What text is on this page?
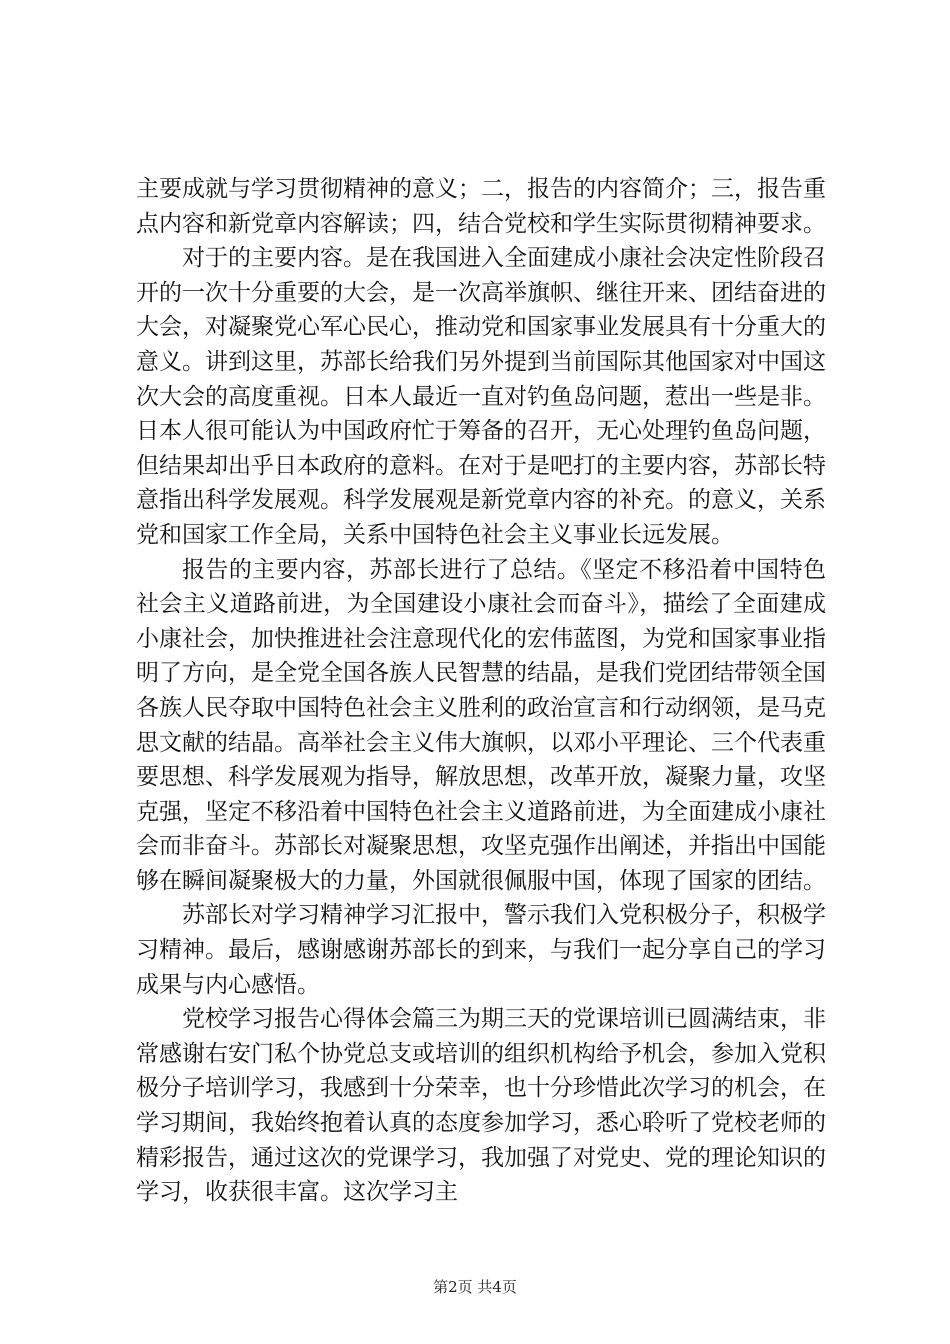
主要成就与学习贯彻精神的意义；二，报告的内容简介；三，报告重点内容和新党章内容解读；四，结合党校和学生实际贯彻精神要求。

对于的主要内容。是在我国进入全面建成小康社会决定性阶段召开的一次十分重要的大会，是一次高举旗帜、继往开来、团结奋进的大会，对凝聚党心军心民心，推动党和国家事业发展具有十分重大的意义。讲到这里，苏部长给我们另外提到当前国际其他国家对中国这次大会的高度重视。日本人最近一直对钓鱼岛问题，惹出一些是非。日本人很可能认为中国政府忙于筹备的召开，无心处理钓鱼岛问题，但结果却出乎日本政府的意料。在对于是吧打的主要内容，苏部长特意指出科学发展观。科学发展观是新党章内容的补充。的意义，关系党和国家工作全局，关系中国特色社会主义事业长远发展。

报告的主要内容，苏部长进行了总结。《坚定不移沿着中国特色社会主义道路前进，为全国建设小康社会而奋斗》，描绘了全面建成小康社会，加快推进社会注意现代化的宏伟蓝图，为党和国家事业指明了方向，是全党全国各族人民智慧的结晶，是我们党团结带领全国各族人民夺取中国特色社会主义胜利的政治宣言和行动纲领，是马克思文献的结晶。高举社会主义伟大旗帜，以邓小平理论、三个代表重要思想、科学发展观为指导，解放思想，改革开放，凝聚力量，攻坚克强，坚定不移沿着中国特色社会主义道路前进，为全面建成小康社会而非奋斗。苏部长对凝聚思想，攻坚克强作出阐述，并指出中国能够在瞬间凝聚极大的力量，外国就很佩服中国，体现了国家的团结。

苏部长对学习精神学习汇报中，警示我们入党积极分子，积极学习精神。最后，感谢感谢苏部长的到来，与我们一起分享自己的学习成果与内心感悟。

党校学习报告心得体会篇三为期三天的党课培训已圆满结束，非常感谢右安门私个协党总支或培训的组织机构给予机会，参加入党积极分子培训学习，我感到十分荣幸，也十分珍惜此次学习的机会，在学习期间，我始终抱着认真的态度参加学习，悉心聆听了党校老师的精彩报告，通过这次的党课学习，我加强了对党史、党的理论知识的学习，收获很丰富。这次学习主

第2页 共4页
